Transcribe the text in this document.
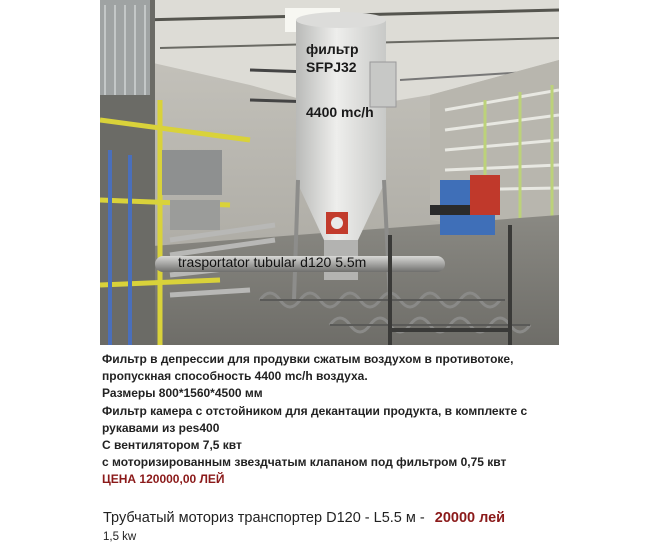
фильтр
SFPJ32
4400 mc/h
trasportator tubular d120 5.5m

Фильтр в депрессии для продувки сжатым воздухом в противотоке,

пропускная способность 4400 mc/h воздуха.

Размеры 800*1560*4500 мм

Фильтр камера с отстойником для декантации продукта, в комплекте с

рукавами из pes400

С вентилятором 7,5 квт

с моторизированным звездчатым клапаном под фильтром 0,75 квт

ЦЕНА 120000,00 ЛЕЙ

Трубчатый моториз транспортер D120 - L5.5 м - 20000 лей
1,5 kw
